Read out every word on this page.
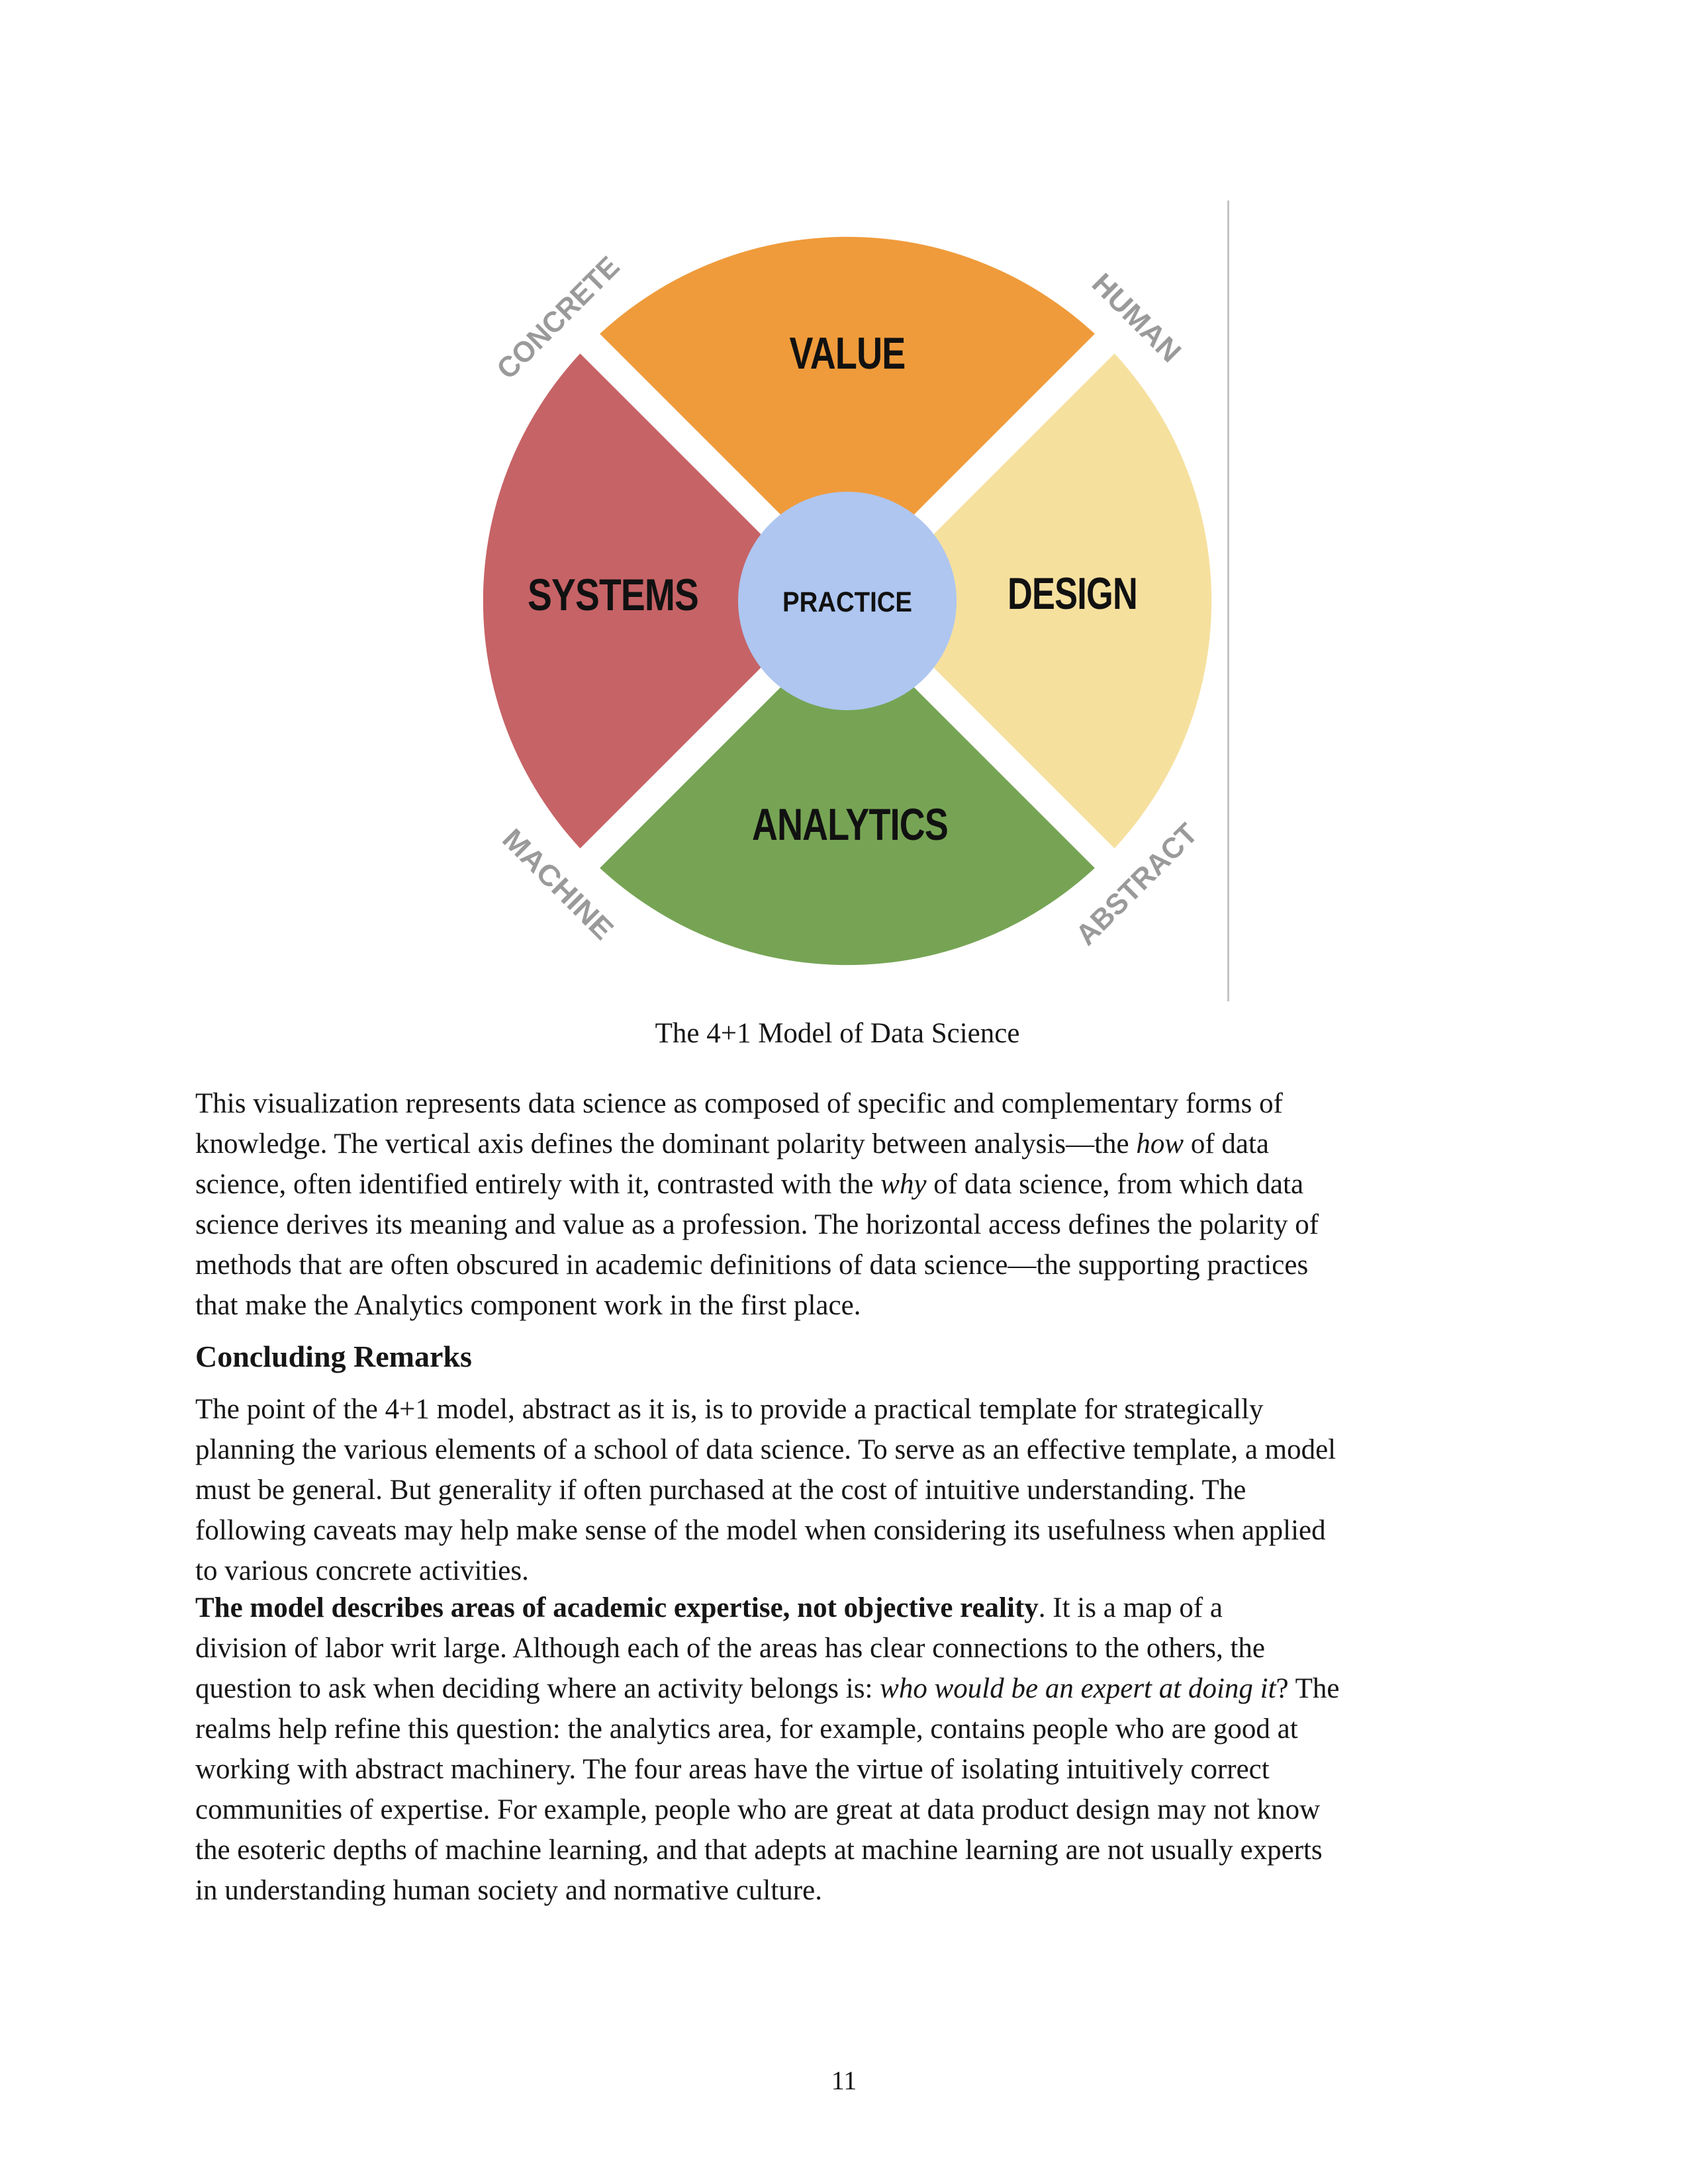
VALUE
DESIGN
ANALYTICS
SYSTEMS	PRACTICE
CONCRETE	HUMAN
MACHINE	ABSTRACT
The 4+1 Model of Data Science
This visualization represents data science as composed of specific and complementary forms of
knowledge. The vertical axis defines the dominant polarity between analysis—the how of data
science, often identified entirely with it, contrasted with the why of data science, from which data
science derives its meaning and value as a profession. The horizontal access defines the polarity of
methods that are often obscured in academic definitions of data science—the supporting practices
that make the Analytics component work in the first place.
Concluding Remarks
The point of the 4+1 model, abstract as it is, is to provide a practical template for strategically
planning the various elements of a school of data science. To serve as an effective template, a model
must be general. But generality if often purchased at the cost of intuitive understanding. The
following caveats may help make sense of the model when considering its usefulness when applied
to various concrete activities.
The model describes areas of academic expertise, not objective reality. It is a map of a
division of labor writ large. Although each of the areas has clear connections to the others, the
question to ask when deciding where an activity belongs is: who would be an expert at doing it? The
realms help refine this question: the analytics area, for example, contains people who are good at
working with abstract machinery. The four areas have the virtue of isolating intuitively correct
communities of expertise. For example, people who are great at data product design may not know
the esoteric depths of machine learning, and that adepts at machine learning are not usually experts
in understanding human society and normative culture.
11
